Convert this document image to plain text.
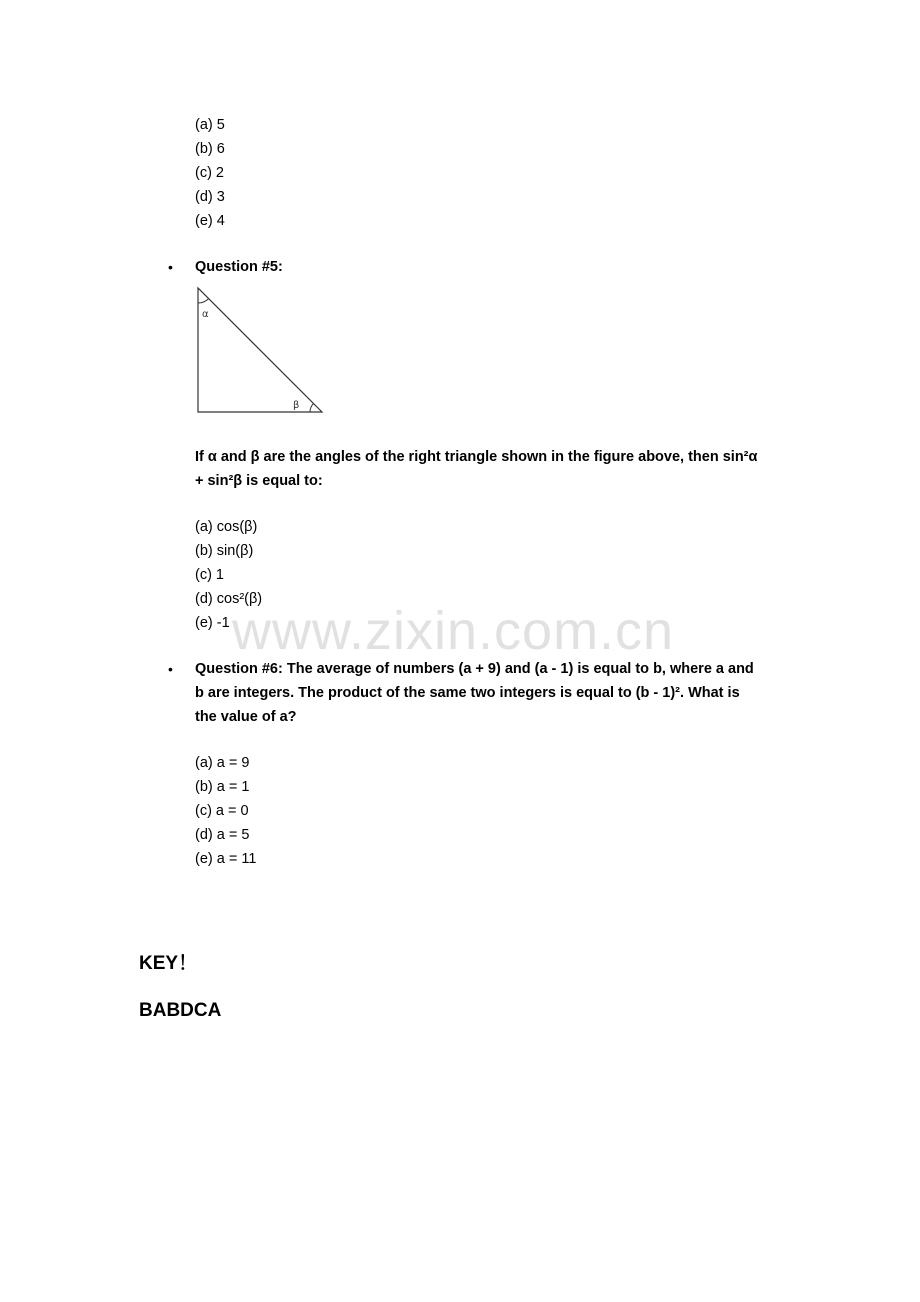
(a) 5
(b) 6
(c) 2
(d) 3
(e) 4
• Question #5:
α
β
If α and β are the angles of the right triangle shown in the figure above, then sin²α
+ sin²β is equal to:
(a) cos(β)
(b) sin(β)
(c) 1
(d) cos²(β)
(e) -1 www.zixin.com.cn
• Question #6: The average of numbers (a + 9) and (a - 1) is equal to b, where a and
b are integers. The product of the same two integers is equal to (b - 1)². What is
the value of a?
(a) a = 9
(b) a = 1
(c) a = 0
(d) a = 5
(e) a = 11
KEY！
BABDCA
